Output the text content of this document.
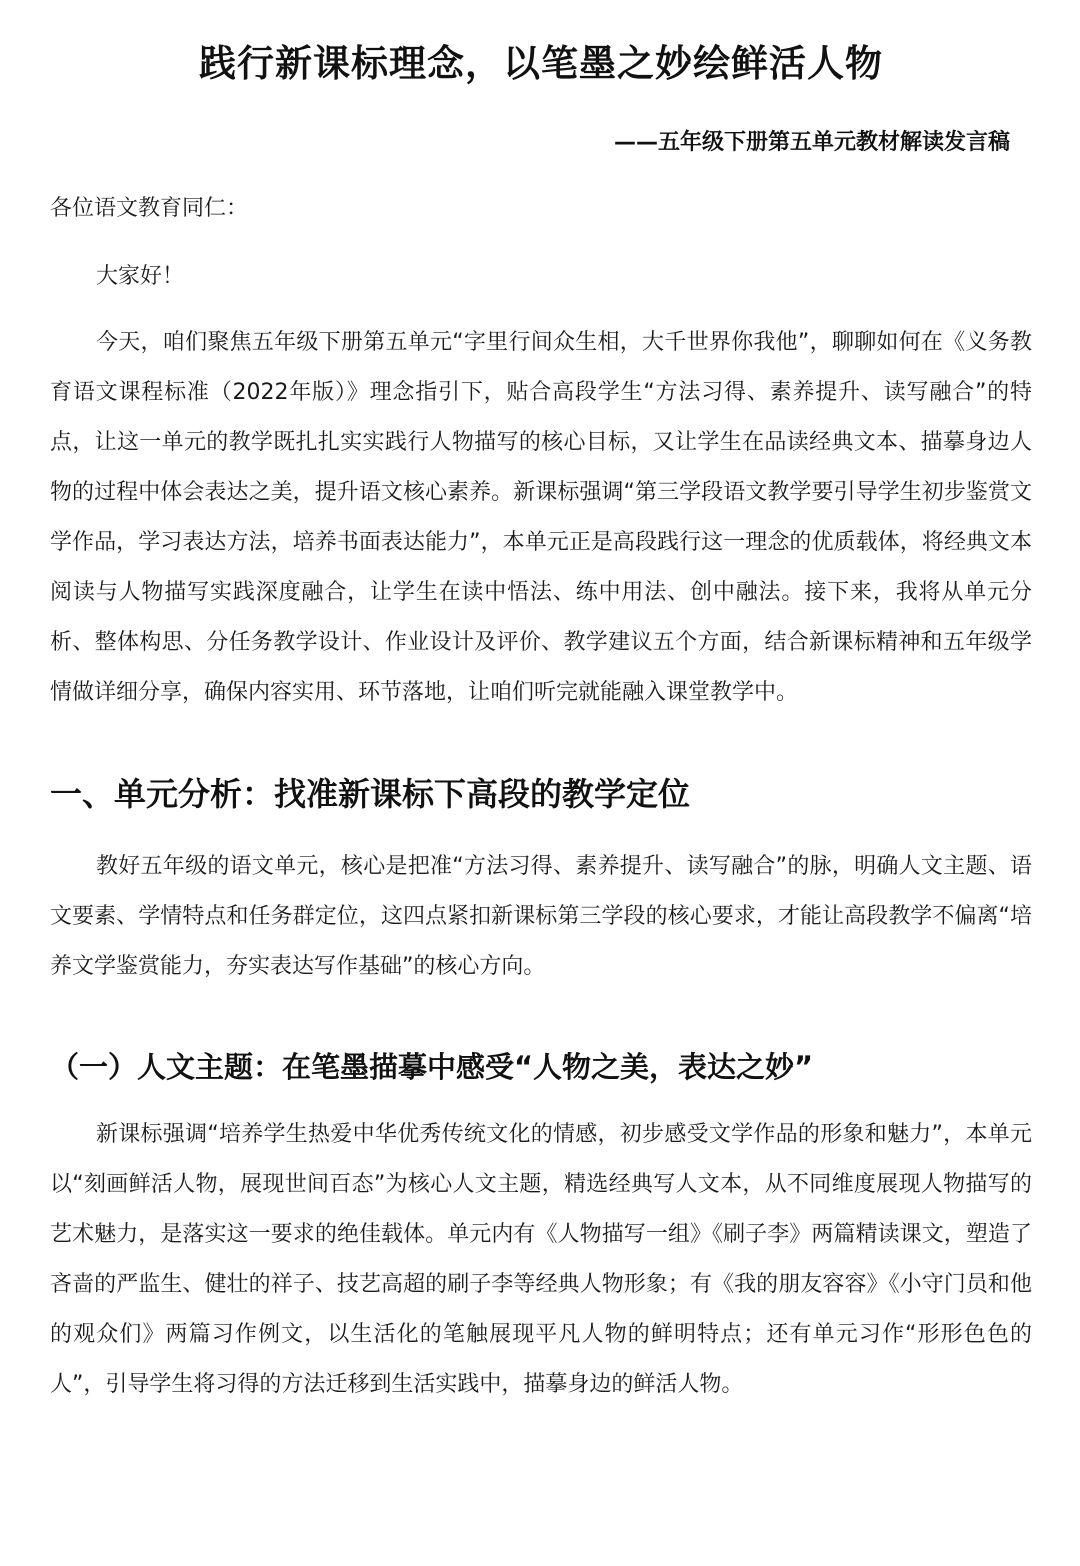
践行新课标理念，以笔墨之妙绘鲜活人物
——五年级下册第五单元教材解读发言稿
各位语文教育同仁：
大家好！

今天，咱们聚焦五年级下册第五单元“字里行间众生相，大千世界你我他”，聊聊如何在《义务教育语文课程标准（2022年版）》理念指引下，贴合高段学生“方法习得、素养提升、读写融合”的特点，让这一单元的教学既扎扎实实践行人物描写的核心目标，又让学生在品读经典文本、描摹身边人物的过程中体会表达之美，提升语文核心素养。新课标强调“第三学段语文教学要引导学生初步鉴赏文学作品，学习表达方法，培养书面表达能力”，本单元正是高段践行这一理念的优质载体，将经典文本阅读与人物描写实践深度融合，让学生在读中悟法、练中用法、创中融法。接下来，我将从单元分析、整体构思、分任务教学设计、作业设计及评价、教学建议五个方面，结合新课标精神和五年级学情做详细分享，确保内容实用、环节落地，让咱们听完就能融入课堂教学中。

一、单元分析：找准新课标下高段的教学定位

教好五年级的语文单元，核心是把准“方法习得、素养提升、读写融合”的脉，明确人文主题、语文要素、学情特点和任务群定位，这四点紧扣新课标第三学段的核心要求，才能让高段教学不偏离“培养文学鉴赏能力，夯实表达写作基础”的核心方向。

（一）人文主题：在笔墨描摹中感受“人物之美，表达之妙”

新课标强调“培养学生热爱中华优秀传统文化的情感，初步感受文学作品的形象和魅力”，本单元以“刻画鲜活人物，展现世间百态”为核心人文主题，精选经典写人文本，从不同维度展现人物描写的艺术魅力，是落实这一要求的绝佳载体。单元内有《人物描写一组》《刷子李》两篇精读课文，塑造了吝啬的严监生、健壮的祥子、技艺高超的刷子李等经典人物形象；有《我的朋友容容》《小守门员和他的观众们》两篇习作例文，以生活化的笔触展现平凡人物的鲜明特点；还有单元习作“形形色色的人”，引导学生将习得的方法迁移到生活实践中，描摹身边的鲜活人物。
